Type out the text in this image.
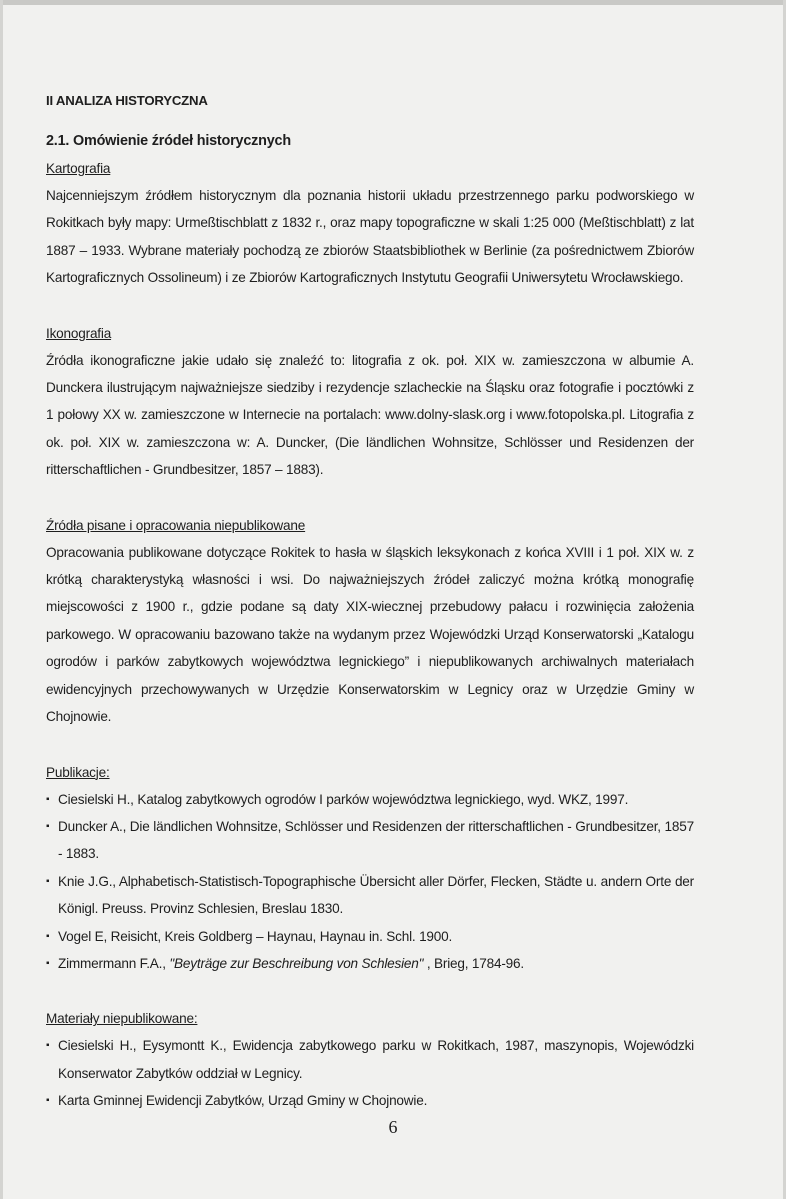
II ANALIZA HISTORYCZNA
2.1. Omówienie źródeł historycznych

Kartografia

Najcenniejszym źródłem historycznym dla poznania historii układu przestrzennego parku podworskiego w Rokitkach były mapy: Urmeßtischblatt z 1832 r., oraz mapy topograficzne w skali 1:25 000 (Meßtischblatt) z lat 1887 – 1933. Wybrane materiały pochodzą ze zbiorów Staatsbibliothek w Berlinie (za pośrednictwem Zbiorów Kartograficznych Ossolineum) i ze Zbiorów Kartograficznych Instytutu Geografii Uniwersytetu Wrocławskiego.

Ikonografia

Źródła ikonograficzne jakie udało się znaleźć to: litografia z ok. poł. XIX w. zamieszczona w albumie A. Dunckera ilustrującym najważniejsze siedziby i rezydencje szlacheckie na Śląsku oraz fotografie i pocztówki z 1 połowy XX w. zamieszczone w Internecie na portalach: www.dolny-slask.org i www.fotopolska.pl. Litografia z ok. poł. XIX w. zamieszczona w: A. Duncker, (Die ländlichen Wohnsitze, Schlösser und Residenzen der ritterschaftlichen - Grundbesitzer, 1857 – 1883).

Źródła pisane i opracowania niepublikowane

Opracowania publikowane dotyczące Rokitek to hasła w śląskich leksykonach z końca XVIII i 1 poł. XIX w. z krótką charakterystyką własności i wsi. Do najważniejszych źródeł zaliczyć można krótką monografię miejscowości z 1900 r., gdzie podane są daty XIX-wiecznej przebudowy pałacu i rozwinięcia założenia parkowego. W opracowaniu bazowano także na wydanym przez Wojewódzki Urząd Konserwatorski „Katalogu ogrodów i parków zabytkowych województwa legnickiego” i niepublikowanych archiwalnych materiałach ewidencyjnych przechowywanych w Urzędzie Konserwatorskim w Legnicy oraz w Urzędzie Gminy w Chojnowie.

Publikacje:

▪ Ciesielski H., Katalog zabytkowych ogrodów I parków województwa legnickiego, wyd. WKZ, 1997.
▪ Duncker A., Die ländlichen Wohnsitze, Schlösser und Residenzen der ritterschaftlichen - Grundbesitzer, 1857 - 1883.
▪ Knie J.G., Alphabetisch-Statistisch-Topographische Übersicht aller Dörfer, Flecken, Städte u. andern Orte der Königl. Preuss. Provinz Schlesien, Breslau 1830.
▪ Vogel E, Reisicht, Kreis Goldberg – Haynau, Haynau in. Schl. 1900.
▪ Zimmermann F.A., "Beyträge zur Beschreibung von Schlesien" , Brieg, 1784-96.

Materiały niepublikowane:

▪ Ciesielski H., Eysymontt K., Ewidencja zabytkowego parku w Rokitkach, 1987, maszynopis, Wojewódzki Konserwator Zabytków oddział w Legnicy.
▪ Karta Gminnej Ewidencji Zabytków, Urząd Gminy w Chojnowie.
6
